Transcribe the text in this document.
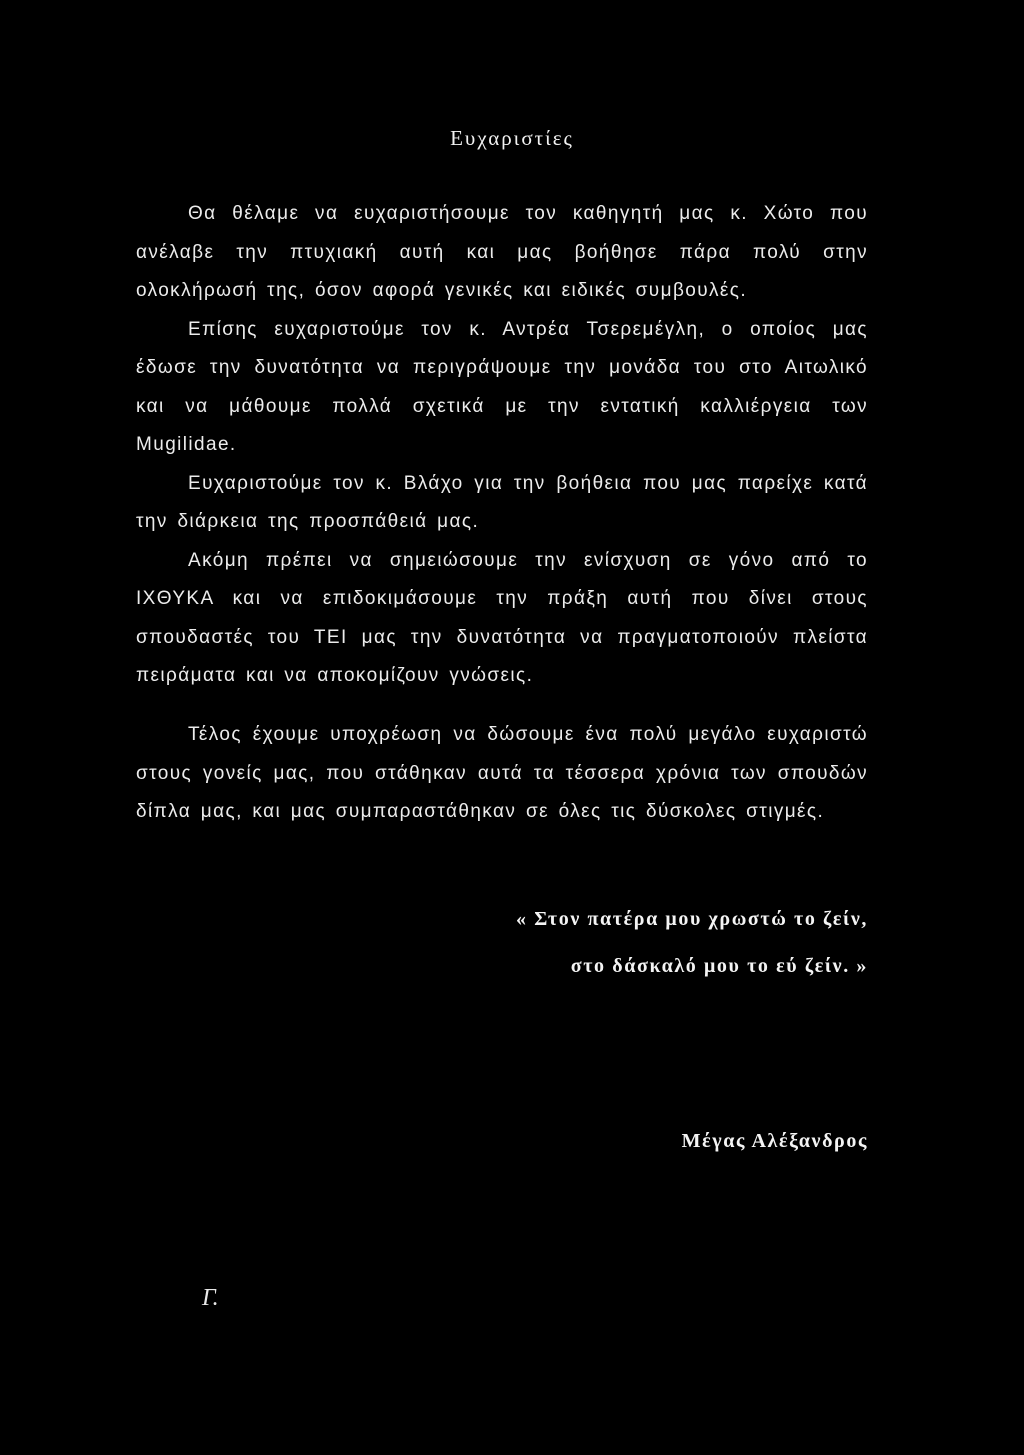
Ευχαριστίες

Θα θέλαμε να ευχαριστήσουμε τον καθηγητή μας κ. Χώτο που ανέλαβε την πτυχιακή αυτή και μας βοήθησε πάρα πολύ στην ολοκλήρωσή της, όσον αφορά γενικές και ειδικές συμβουλές.

Επίσης ευχαριστούμε τον κ. Αντρέα Τσερεμέγλη, ο οποίος μας έδωσε την δυνατότητα να περιγράψουμε την μονάδα του στο Αιτωλικό και να μάθουμε πολλά σχετικά με την εντατική καλλιέργεια των Mugilidae.

Ευχαριστούμε τον κ. Βλάχο για την βοήθεια που μας παρείχε κατά την διάρκεια της προσπάθειά μας.

Ακόμη πρέπει να σημειώσουμε την ενίσχυση σε γόνο από το ΙΧΘΥΚΑ και να επιδοκιμάσουμε την πράξη αυτή που δίνει στους σπουδαστές του ΤΕΙ μας την δυνατότητα να πραγματοποιούν πλείστα πειράματα και να αποκομίζουν γνώσεις.

Τέλος έχουμε υποχρέωση να δώσουμε ένα πολύ μεγάλο ευχαριστώ στους γονείς μας, που στάθηκαν αυτά τα τέσσερα χρόνια των σπουδών δίπλα μας, και μας συμπαραστάθηκαν σε όλες τις δύσκολες στιγμές.

« Στον πατέρα μου χρωστώ το ζείν,
στο δάσκαλό μου το εύ ζείν. »
Μέγας Αλέξανδρος
Γ.
